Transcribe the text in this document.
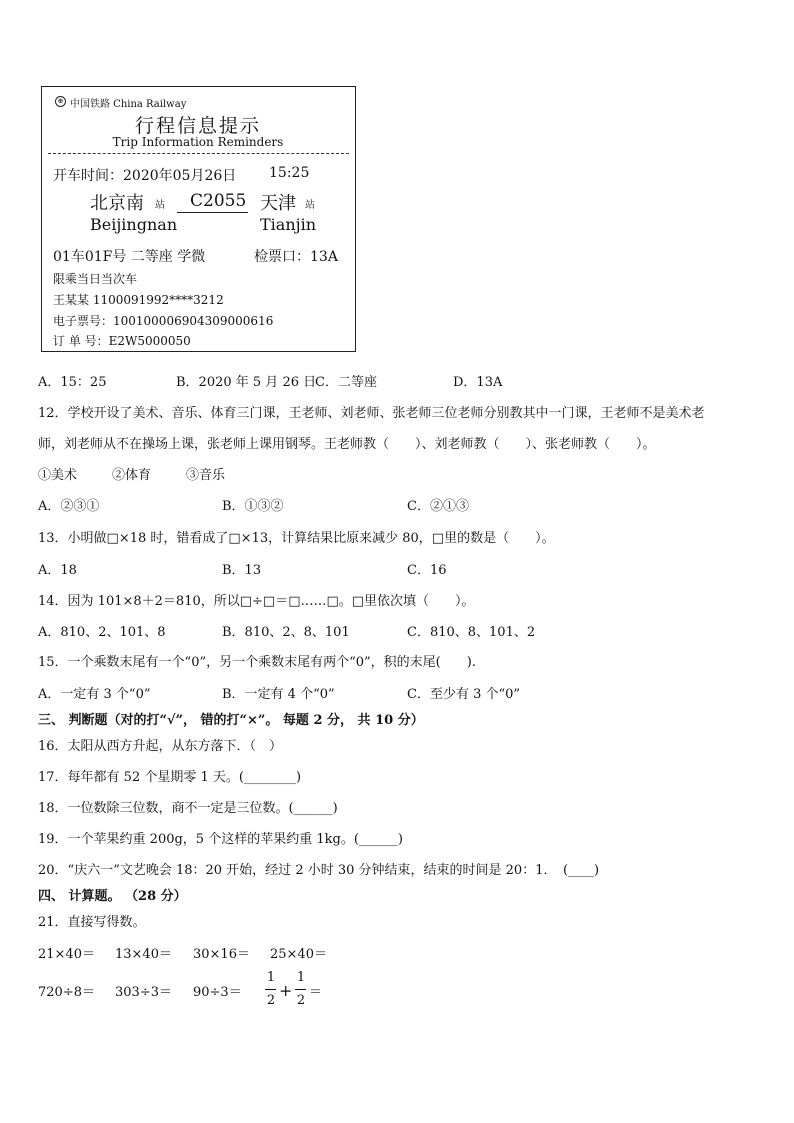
⊕ 中国铁路 China Railway
行程信息提示
Trip Information Reminders
开车时间：2020年05月26日 15:25
北京南 站
Beijingnan
C2055 天津 站
Tianjin
01车01F号 二等座 学微	检票口：13A
限乘当日当次车
王某某 1100091992****3212
电子票号：10010000690430900061​6
订 单 号：E2W5000050
A．15：25	B．2020 年 5 月 26 日
C．二等座	D．13A
12．学校开设了美术、音乐、体育三门课，王老师、刘老师、张老师三位老师分别教其中一门课，王老师不是美术老
师，刘老师从不在操场上课，张老师上课用钢琴。王老师教（　　）、刘老师教（　　）、张老师教（　　）。
①美术	②体育	③音乐
A．②③①	B．①③②	C．②①③
13．小明做□×18 时，错看成了□×13，计算结果比原来减少 80，□里的数是（　　）。
A．18	B．13	C．16
14．因为 101×8＋2＝810，所以□÷□＝□……□。□里依次填（　　）。
A．810、2、101、8	B．810、2、8、101	C．810、8、101、2
15．一个乘数末尾有一个“0”，另一个乘数末尾有两个“0”，积的末尾(　　).
A．一定有 3 个“0”	B．一定有 4 个“0”	C．至少有 3 个“0”
三、 判断题（对的打“√”， 错的打“×”。 每题 2 分， 共 10 分）
16．太阳从西方升起，从东方落下．（　）
17．每年都有 52 个星期零 1 天。(________)
18．一位数除三位数，商不一定是三位数。(______)
19．一个苹果约重 200g，5 个这样的苹果约重 1kg。(______)
20．“庆六一”文艺晚会 18：20 开始，经过 2 小时 30 分钟结束，结束的时间是 20：1．　(____)
四、 计算题。 （28 分）
21．直接写得数。
21×40＝ 13×40＝ 30×16＝ 25×40＝
720÷8＝ 303÷3＝ 90÷3＝
1
2
+
1
2
＝
